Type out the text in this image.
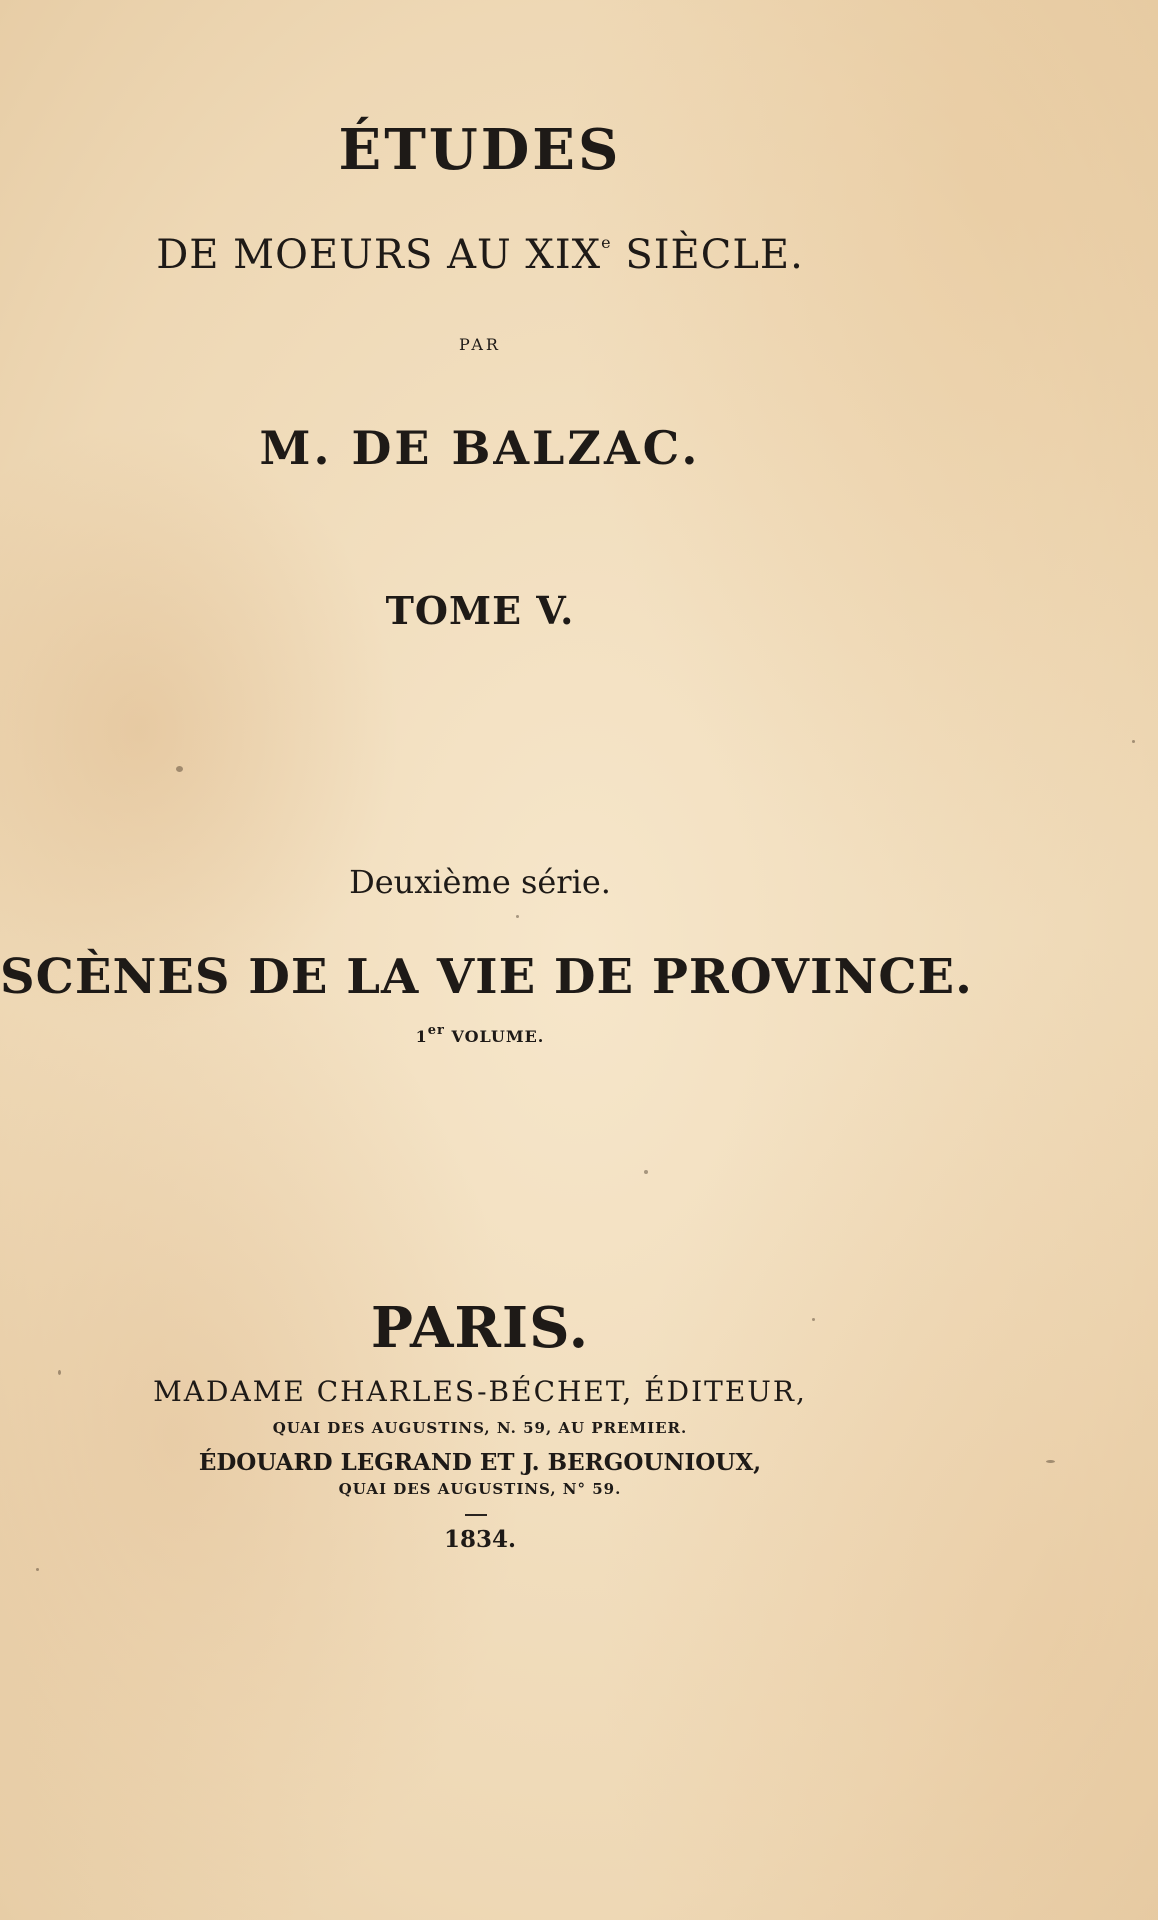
ÉTUDES
DE MOEURS AU XIXe SIÈCLE.
PAR
M. DE BALZAC.
TOME V.
Deuxième série.
SCÈNES DE LA VIE DE PROVINCE.
1er VOLUME.
PARIS.
MADAME CHARLES-BÉCHET, ÉDITEUR,
QUAI DES AUGUSTINS, N. 59, AU PREMIER.
ÉDOUARD LEGRAND ET J. BERGOUNIOUX,
QUAI DES AUGUSTINS, N° 59.
1834.
